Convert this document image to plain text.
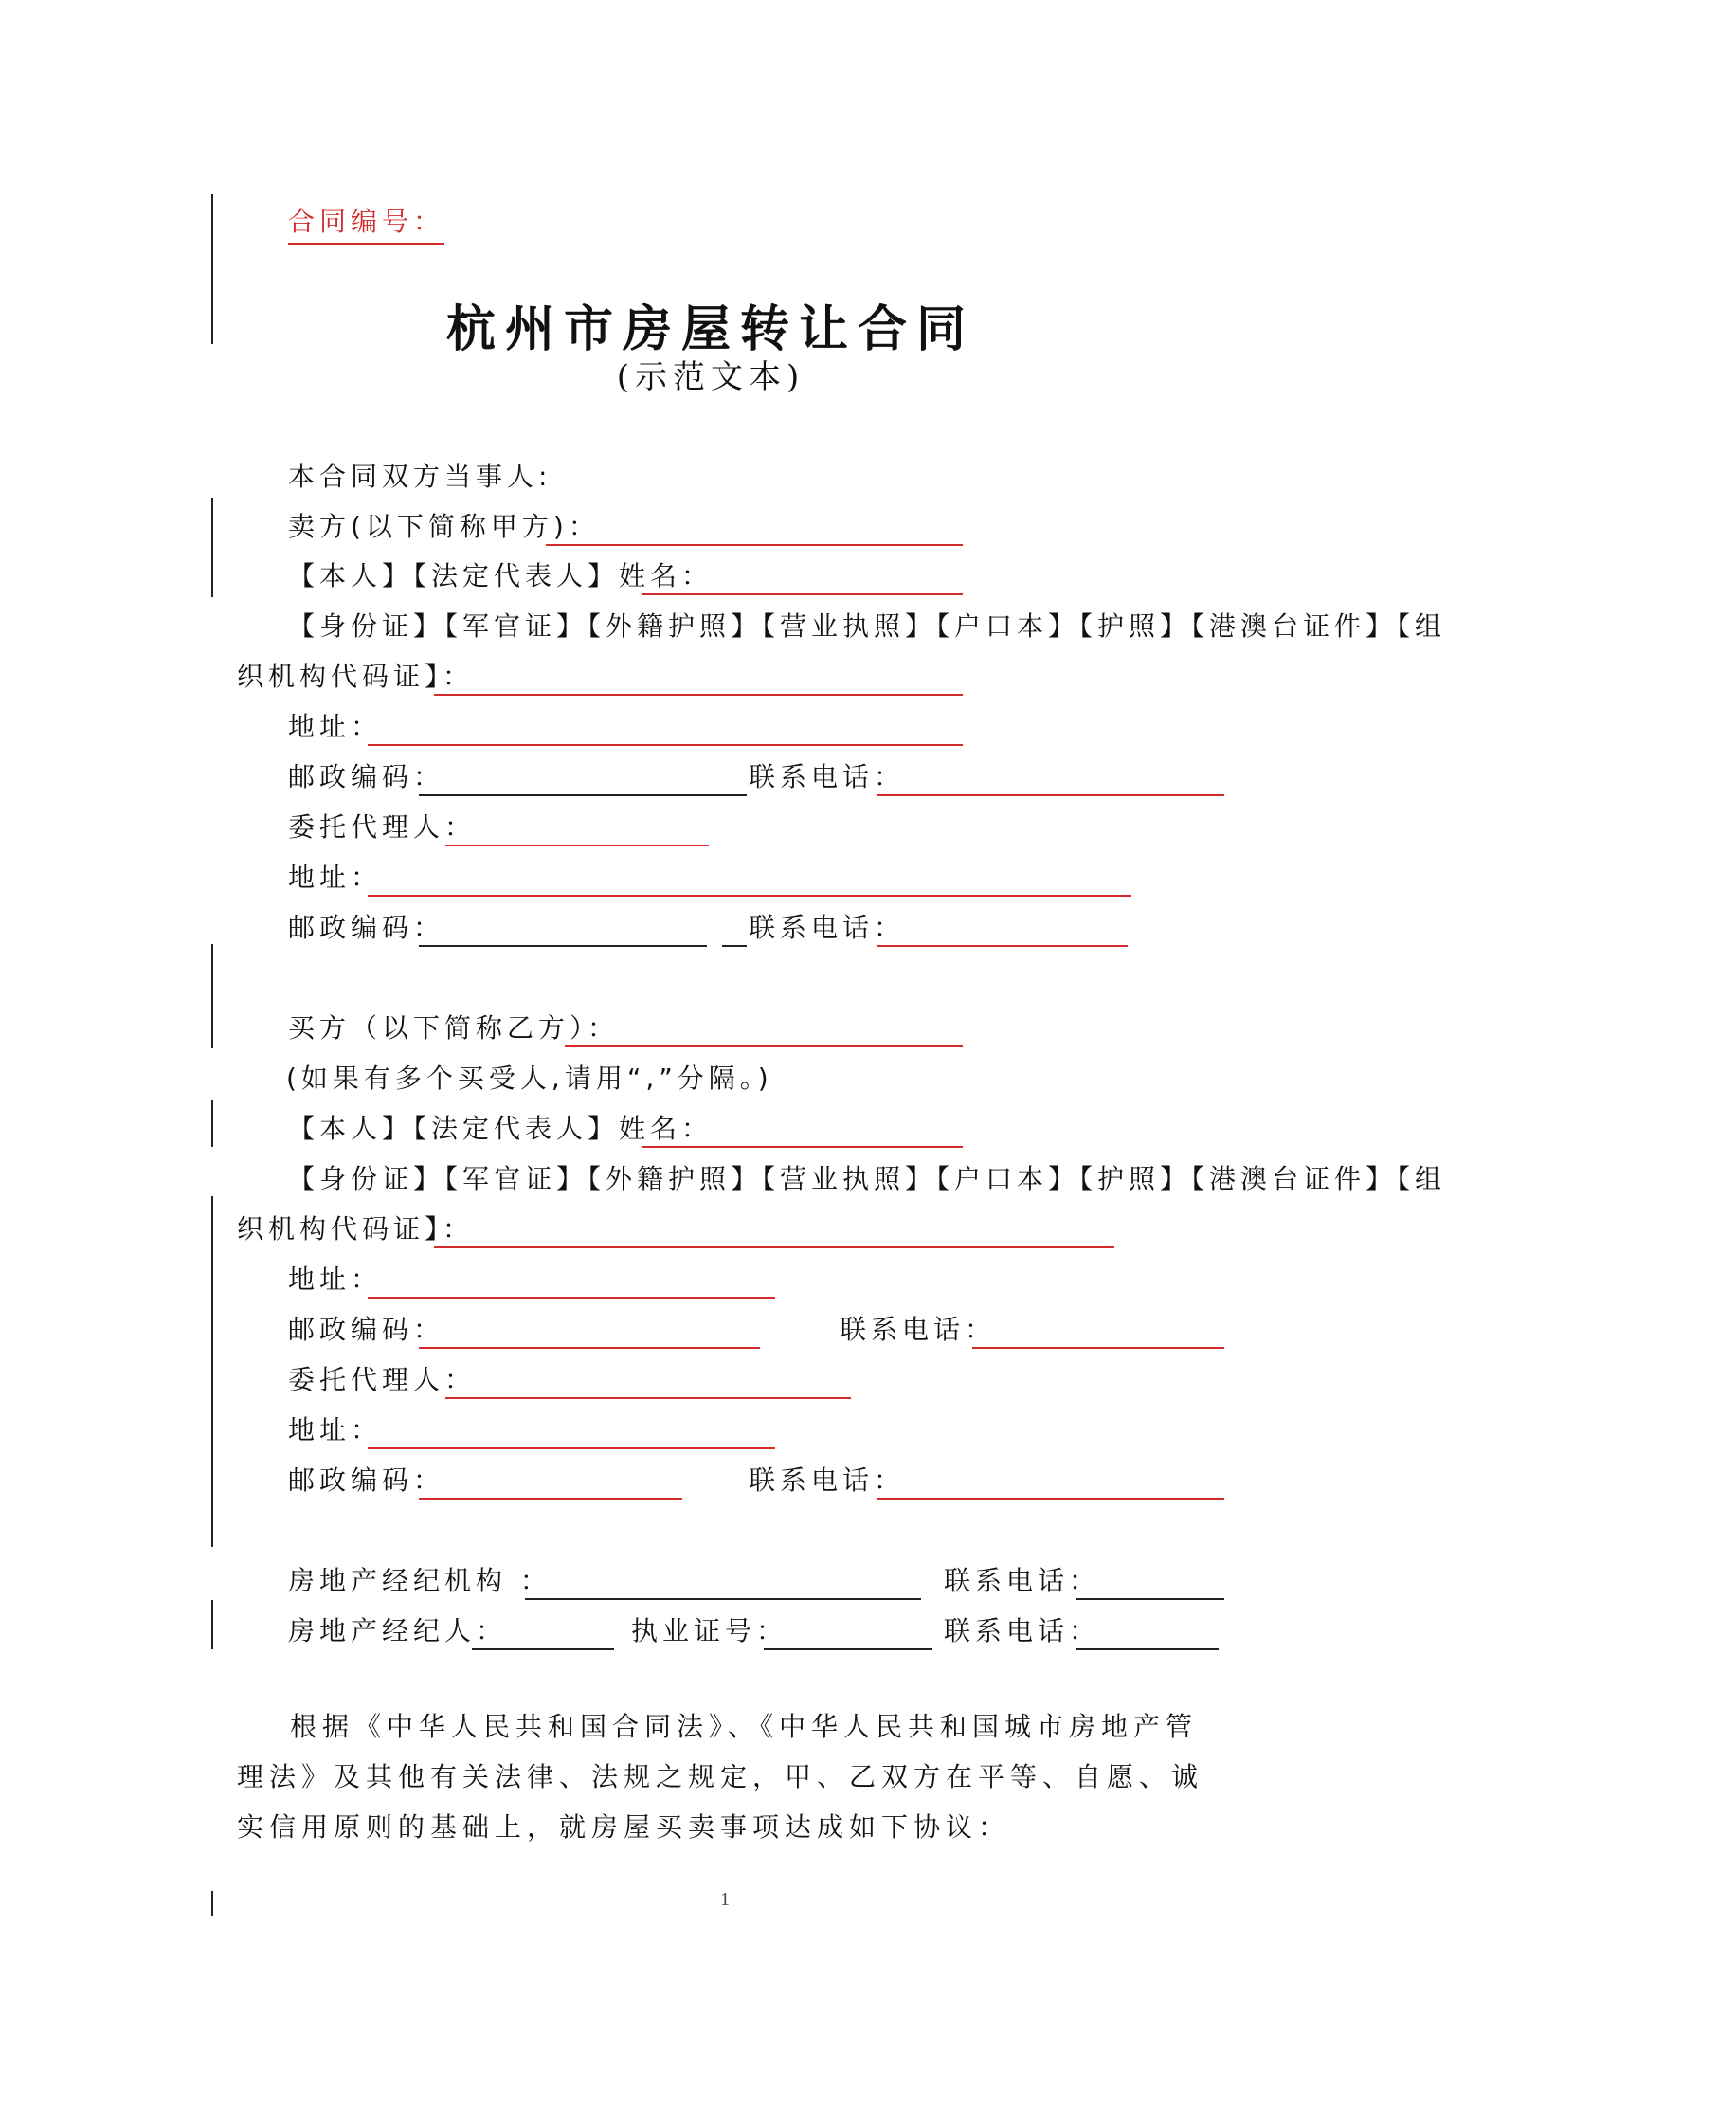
合同编号：
杭州市房屋转让合同
(示范文本)
本合同双方当事人:
卖方(以下简称甲方)：
【本人】【法定代表人】姓名：
【身份证】【军官证】【外籍护照】【营业执照】【户口本】【护照】【港澳台证件】【组
织机构代码证】：
地址：
邮政编码：	联系电话：
委托代理人：
地址：
邮政编码：	联系电话：
买方（以下简称乙方）：
(如果有多个买受人,请用“,”分隔。)
【本人】【法定代表人】姓名：
【身份证】【军官证】【外籍护照】【营业执照】【户口本】【护照】【港澳台证件】【组
织机构代码证】：
地址：
邮政编码：	联系电话：
委托代理人：
地址：
邮政编码：	联系电话：
房地产经纪机构 ：	联系电话：
房地产经纪人：	执业证号：	联系电话：
根据《中华人民共和国合同法》、《中华人民共和国城市房地产管理法》及其他有关法律、法规之规定，甲、乙双方在平等、自愿、诚实信用原则的基础上，就房屋买卖事项达成如下协议：
1
